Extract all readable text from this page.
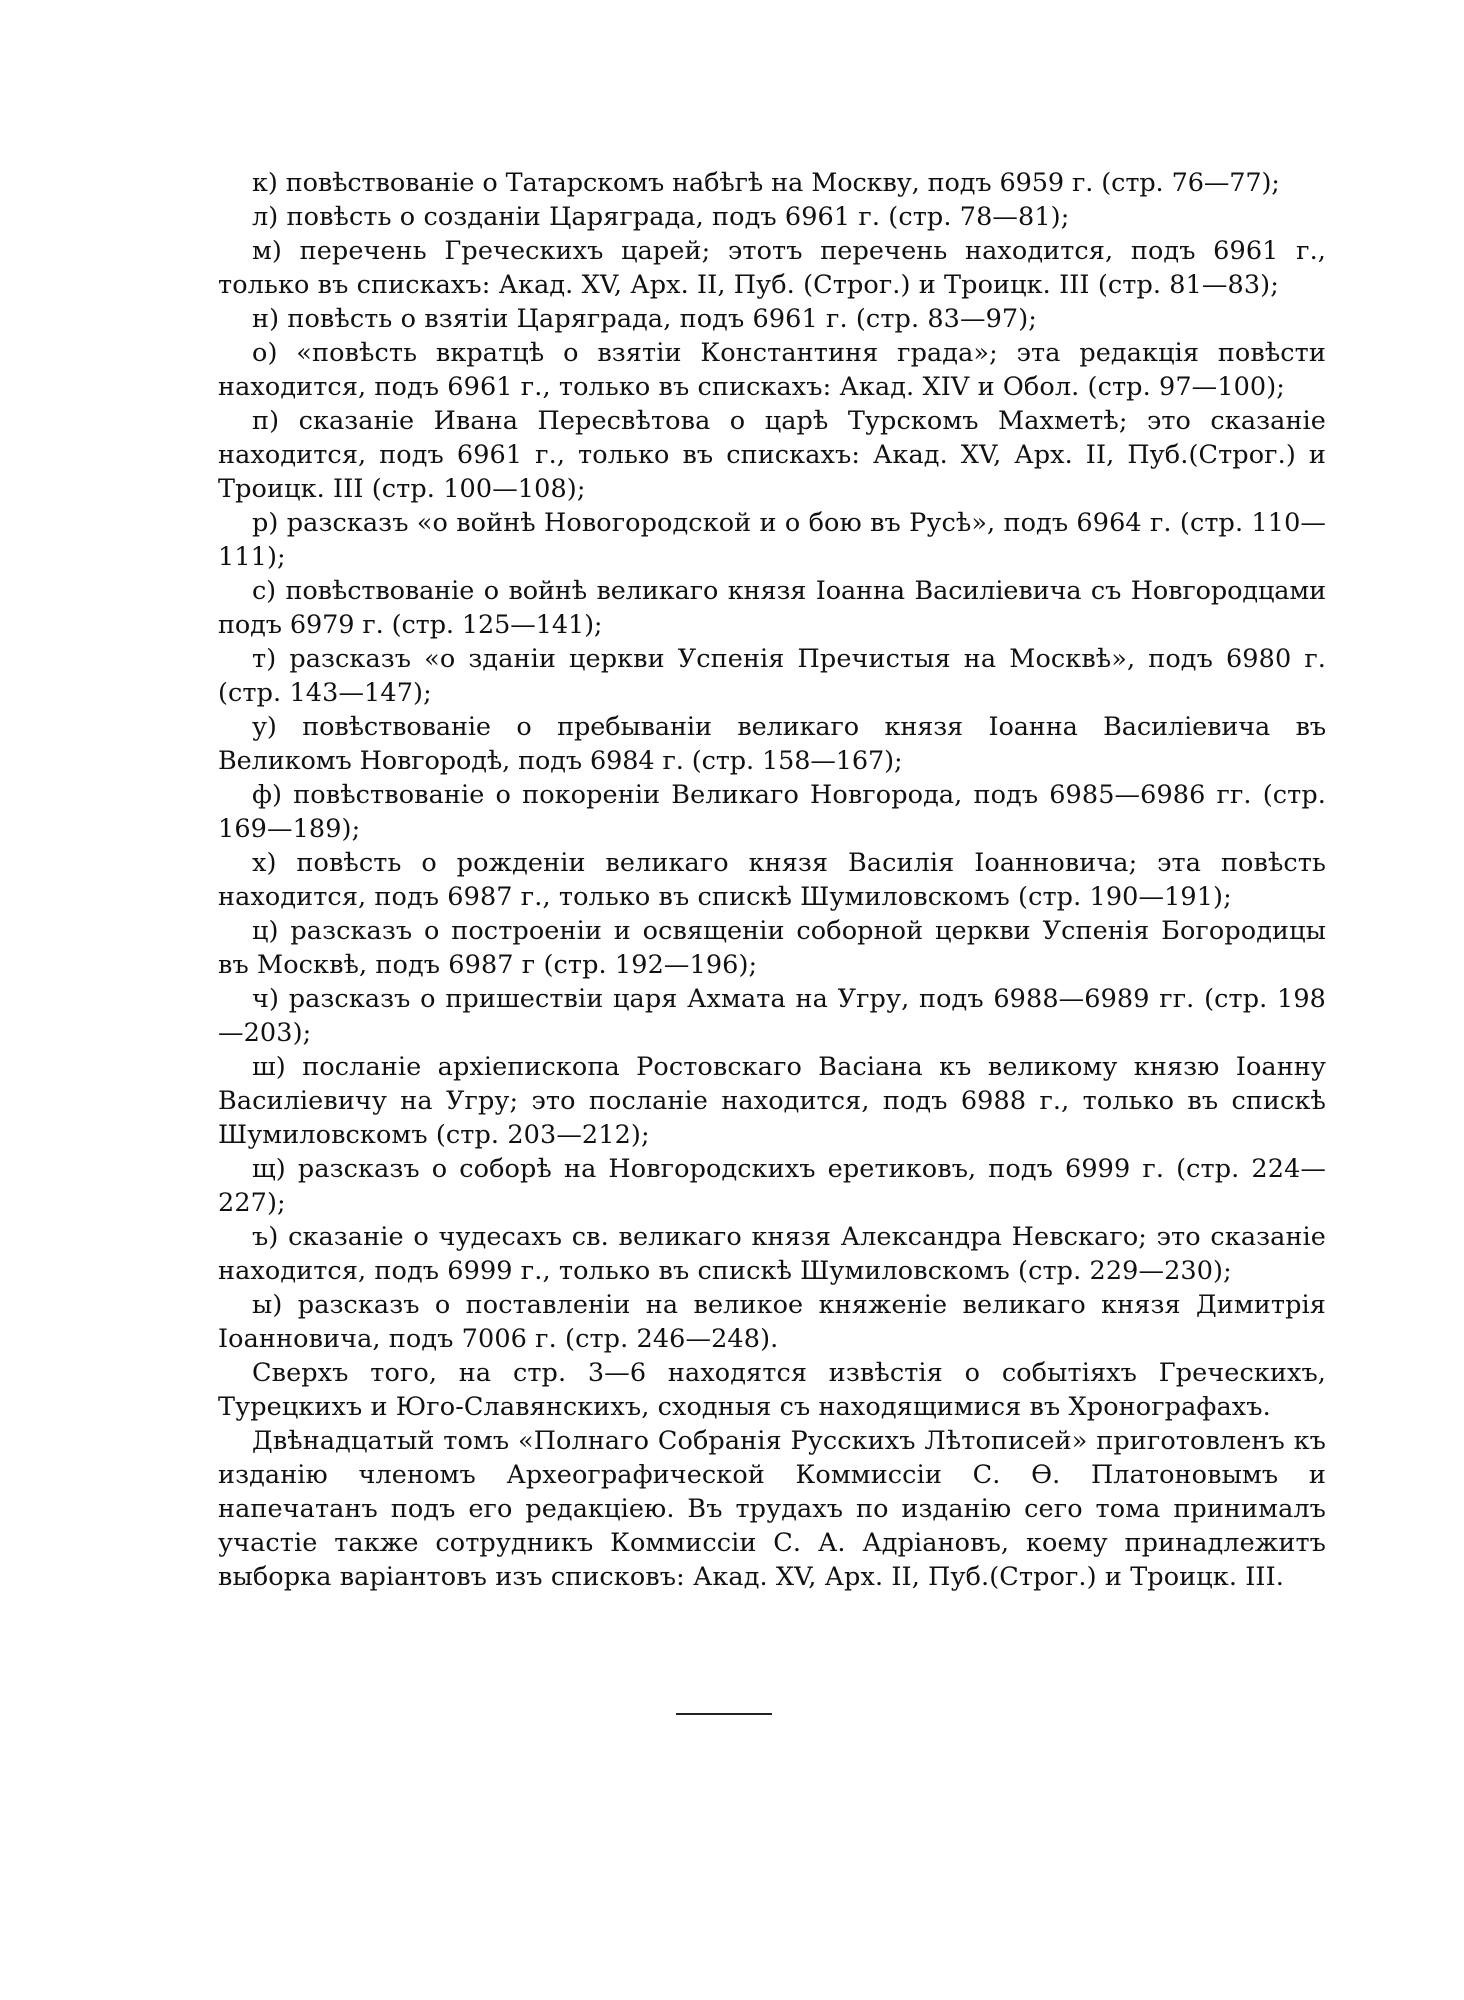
к) повѣствованіе о Татарскомъ набѣгѣ на Москву, подъ 6959 г. (стр. 76—77);

л) повѣсть о созданіи Царяграда, подъ 6961 г. (стр. 78—81);

м) перечень Греческихъ царей; этотъ перечень находится, подъ 6961 г., только въ спискахъ: Акад. XV, Арх. II, Пуб. (Строг.) и Троицк. III (стр. 81—83);

н) повѣсть о взятіи Царяграда, подъ 6961 г. (стр. 83—97);

о) «повѣсть вкратцѣ о взятіи Константиня града»; эта редакція повѣсти находится, подъ 6961 г., только въ спискахъ: Акад. XIV и Обол. (стр. 97—100);

п) сказаніе Ивана Пересвѣтова о царѣ Турскомъ Махметѣ; это сказаніе находится, подъ 6961 г., только въ спискахъ: Акад. XV, Арх. II, Пуб.(Строг.) и Троицк. III (стр. 100—108);

р) разсказъ «о войнѣ Новогородской и о бою въ Русѣ», подъ 6964 г. (стр. 110—111);

с) повѣствованіе о войнѣ великаго князя Іоанна Василіевича съ Новгородцами подъ 6979 г. (стр. 125—141);

т) разсказъ «о зданіи церкви Успенія Пречистыя на Москвѣ», подъ 6980 г. (стр. 143—147);

у) повѣствованіе о пребываніи великаго князя Іоанна Василіевича въ Великомъ Новгородѣ, подъ 6984 г. (стр. 158—167);

ф) повѣствованіе о покореніи Великаго Новгорода, подъ 6985—6986 гг. (стр. 169—189);

х) повѣсть о рожденіи великаго князя Василія Іоанновича; эта повѣсть находится, подъ 6987 г., только въ спискѣ Шумиловскомъ (стр. 190—191);

ц) разсказъ о построеніи и освященіи соборной церкви Успенія Богородицы въ Москвѣ, подъ 6987 г (стр. 192—196);

ч) разсказъ о пришествіи царя Ахмата на Угру, подъ 6988—6989 гг. (стр. 198—203);

ш) посланіе архіепископа Ростовскаго Васіана къ великому князю Іоанну Василіевичу на Угру; это посланіе находится, подъ 6988 г., только въ спискѣ Шумиловскомъ (стр. 203—212);

щ) разсказъ о соборѣ на Новгородскихъ еретиковъ, подъ 6999 г. (стр. 224—227);

ъ) сказаніе о чудесахъ св. великаго князя Александра Невскаго; это сказаніе находится, подъ 6999 г., только въ спискѣ Шумиловскомъ (стр. 229—230);

ы) разсказъ о поставленіи на великое княженіе великаго князя Димитрія Іоанновича, подъ 7006 г. (стр. 246—248).

Сверхъ того, на стр. 3—6 находятся извѣстія о событіяхъ Греческихъ, Турецкихъ и Юго-Славянскихъ, сходныя съ находящимися въ Хронографахъ.

Двѣнадцатый томъ «Полнаго Собранія Русскихъ Лѣтописей» приготовленъ къ изданію членомъ Археографической Коммиссіи С. Ѳ. Платоновымъ и напечатанъ подъ его редакціею. Въ трудахъ по изданію сего тома принималъ участіе также сотрудникъ Коммиссіи С. А. Адріановъ, коему принадлежитъ выборка варіантовъ изъ списковъ: Акад. XV, Арх. II, Пуб.(Строг.) и Троицк. III.
